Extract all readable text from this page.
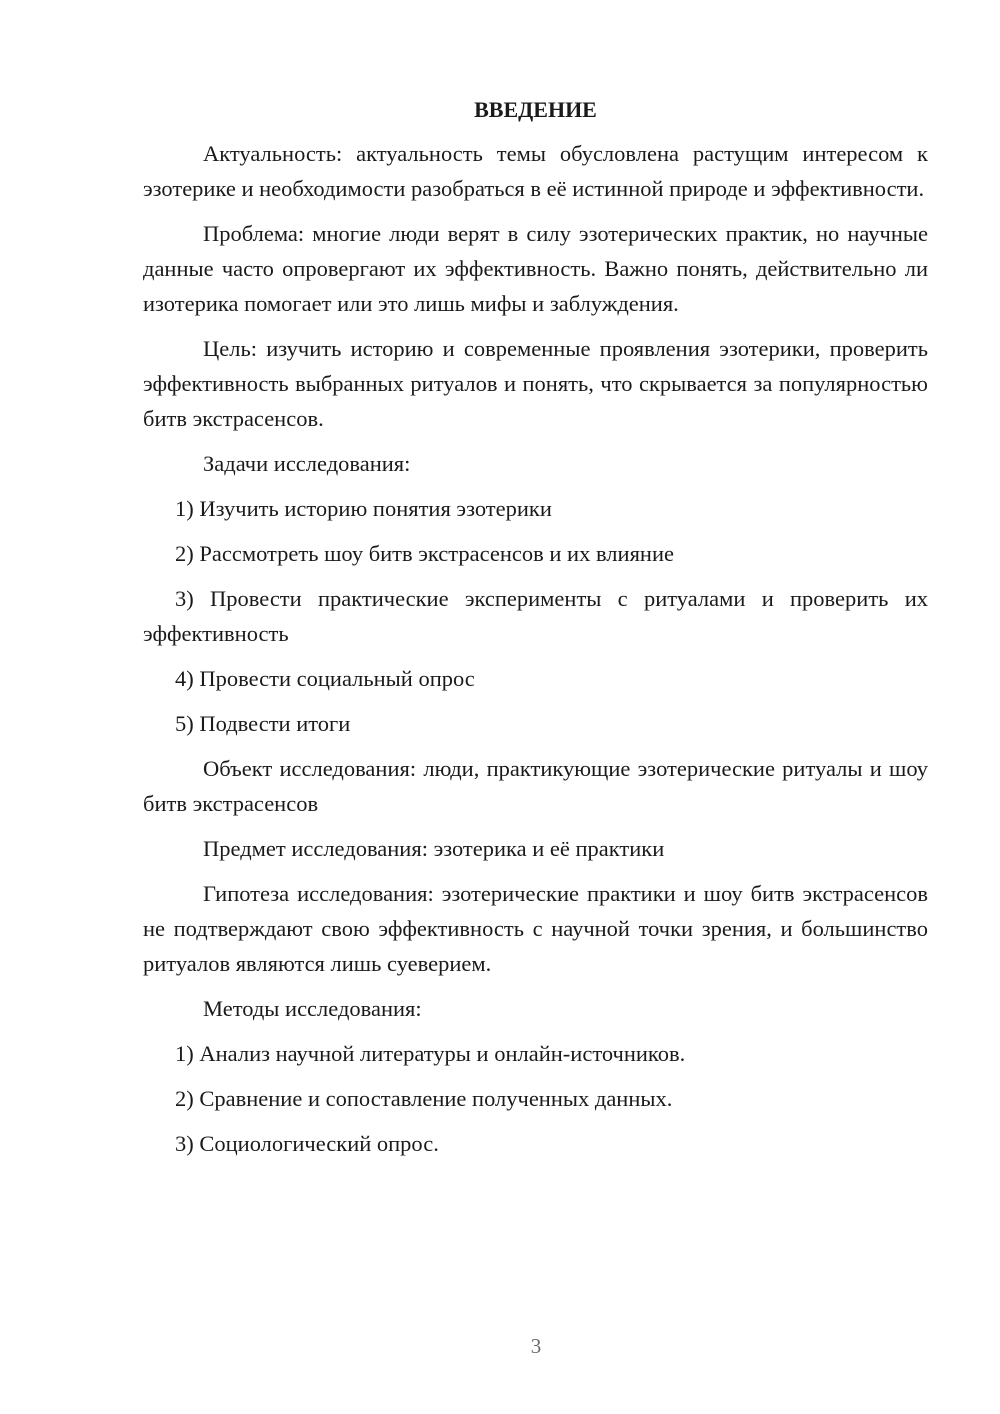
ВВЕДЕНИЕ

Актуальность: актуальность темы обусловлена растущим интересом к эзотерике и необходимости разобраться в её истинной природе и эффективности.

Проблема: многие люди верят в силу эзотерических практик, но научные данные часто опровергают их эффективность. Важно понять, действительно ли изотерика помогает или это лишь мифы и заблуждения.

Цель: изучить историю и современные проявления эзотерики, проверить эффективность выбранных ритуалов и понять, что скрывается за популярностью битв экстрасенсов.

Задачи исследования:

1) Изучить историю понятия эзотерики

2) Рассмотреть шоу битв экстрасенсов и их влияние

3) Провести практические эксперименты с ритуалами и проверить их эффективность

4) Провести социальный опрос

5) Подвести итоги

Объект исследования: люди, практикующие эзотерические ритуалы и шоу битв экстрасенсов

Предмет исследования: эзотерика и её практики

Гипотеза исследования: эзотерические практики и шоу битв экстрасенсов не подтверждают свою эффективность с научной точки зрения, и большинство ритуалов являются лишь суеверием.

Методы исследования:

1) Анализ научной литературы и онлайн-источников.

2) Сравнение и сопоставление полученных данных.

3) Социологический опрос.

3
